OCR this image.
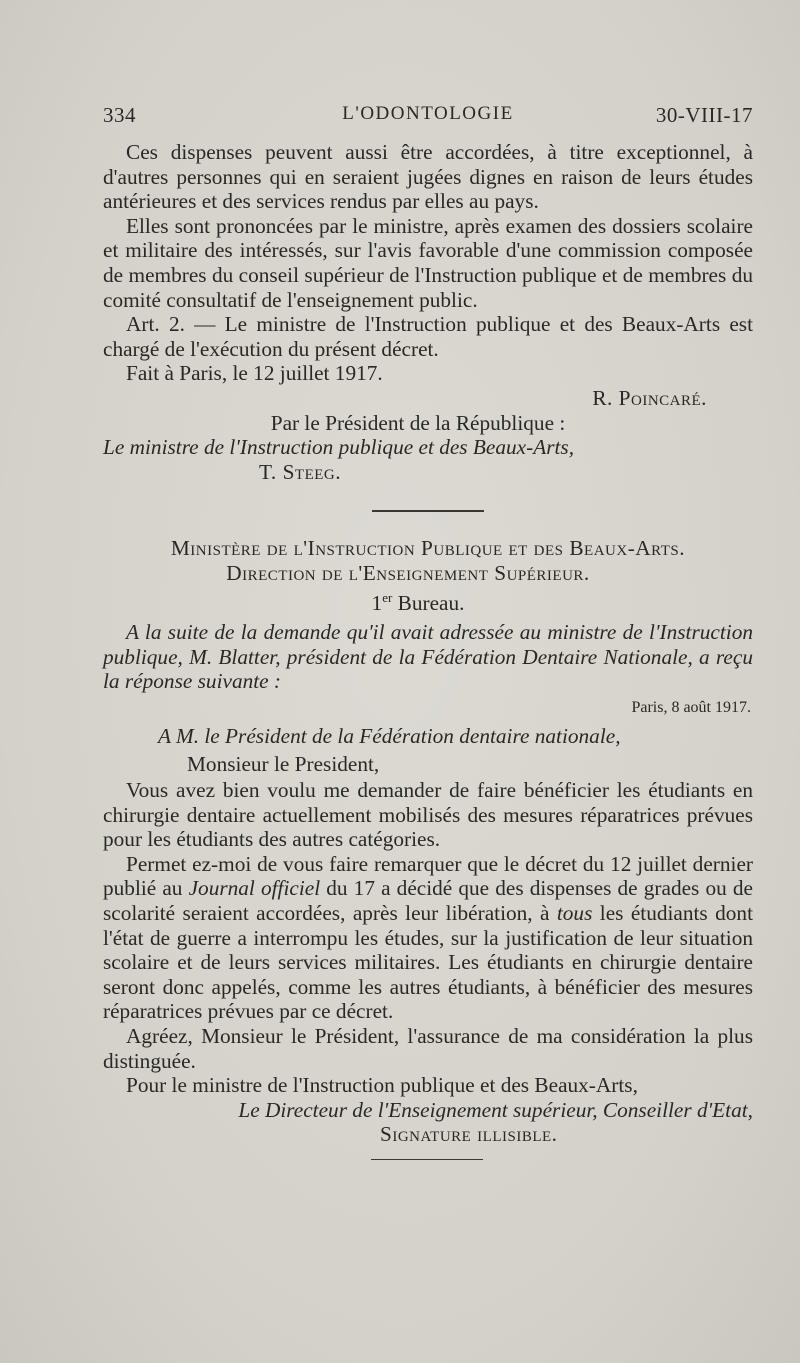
334	L'ODONTOLOGIE	30-VIII-17

Ces dispenses peuvent aussi être accordées, à titre exceptionnel, à d'autres personnes qui en seraient jugées dignes en raison de leurs études antérieures et des services rendus par elles au pays.

Elles sont prononcées par le ministre, après examen des dossiers scolaire et militaire des intéressés, sur l'avis favorable d'une commission composée de membres du conseil supérieur de l'Instruction publique et de membres du comité consultatif de l'enseignement public.

Art. 2. — Le ministre de l'Instruction publique et des Beaux-Arts est chargé de l'exécution du présent décret.

Fait à Paris, le 12 juillet 1917.

R. Poincaré.

Par le Président de la République :

Le ministre de l'Instruction publique et des Beaux-Arts,

T. Steeg.

Ministère de l'Instruction Publique et des Beaux-Arts.

Direction de l'Enseignement Supérieur.

1er Bureau.

A la suite de la demande qu'il avait adressée au ministre de l'Instruction publique, M. Blatter, président de la Fédération Dentaire Nationale, a reçu la réponse suivante :

Paris, 8 août 1917.

A M. le Président de la Fédération dentaire nationale,

Monsieur le President,

Vous avez bien voulu me demander de faire bénéficier les étudiants en chirurgie dentaire actuellement mobilisés des mesures réparatrices prévues pour les étudiants des autres catégories.

Permet ez-moi de vous faire remarquer que le décret du 12 juillet dernier publié au Journal officiel du 17 a décidé que des dispenses de grades ou de scolarité seraient accordées, après leur libération, à tous les étudiants dont l'état de guerre a interrompu les études, sur la justification de leur situation scolaire et de leurs services militaires. Les étudiants en chirurgie dentaire seront donc appelés, comme les autres étudiants, à bénéficier des mesures réparatrices prévues par ce décret.

Agréez, Monsieur le Président, l'assurance de ma considération la plus distinguée.

Pour le ministre de l'Instruction publique et des Beaux-Arts,

Le Directeur de l'Enseignement supérieur, Conseiller d'Etat,

Signature illisible.
